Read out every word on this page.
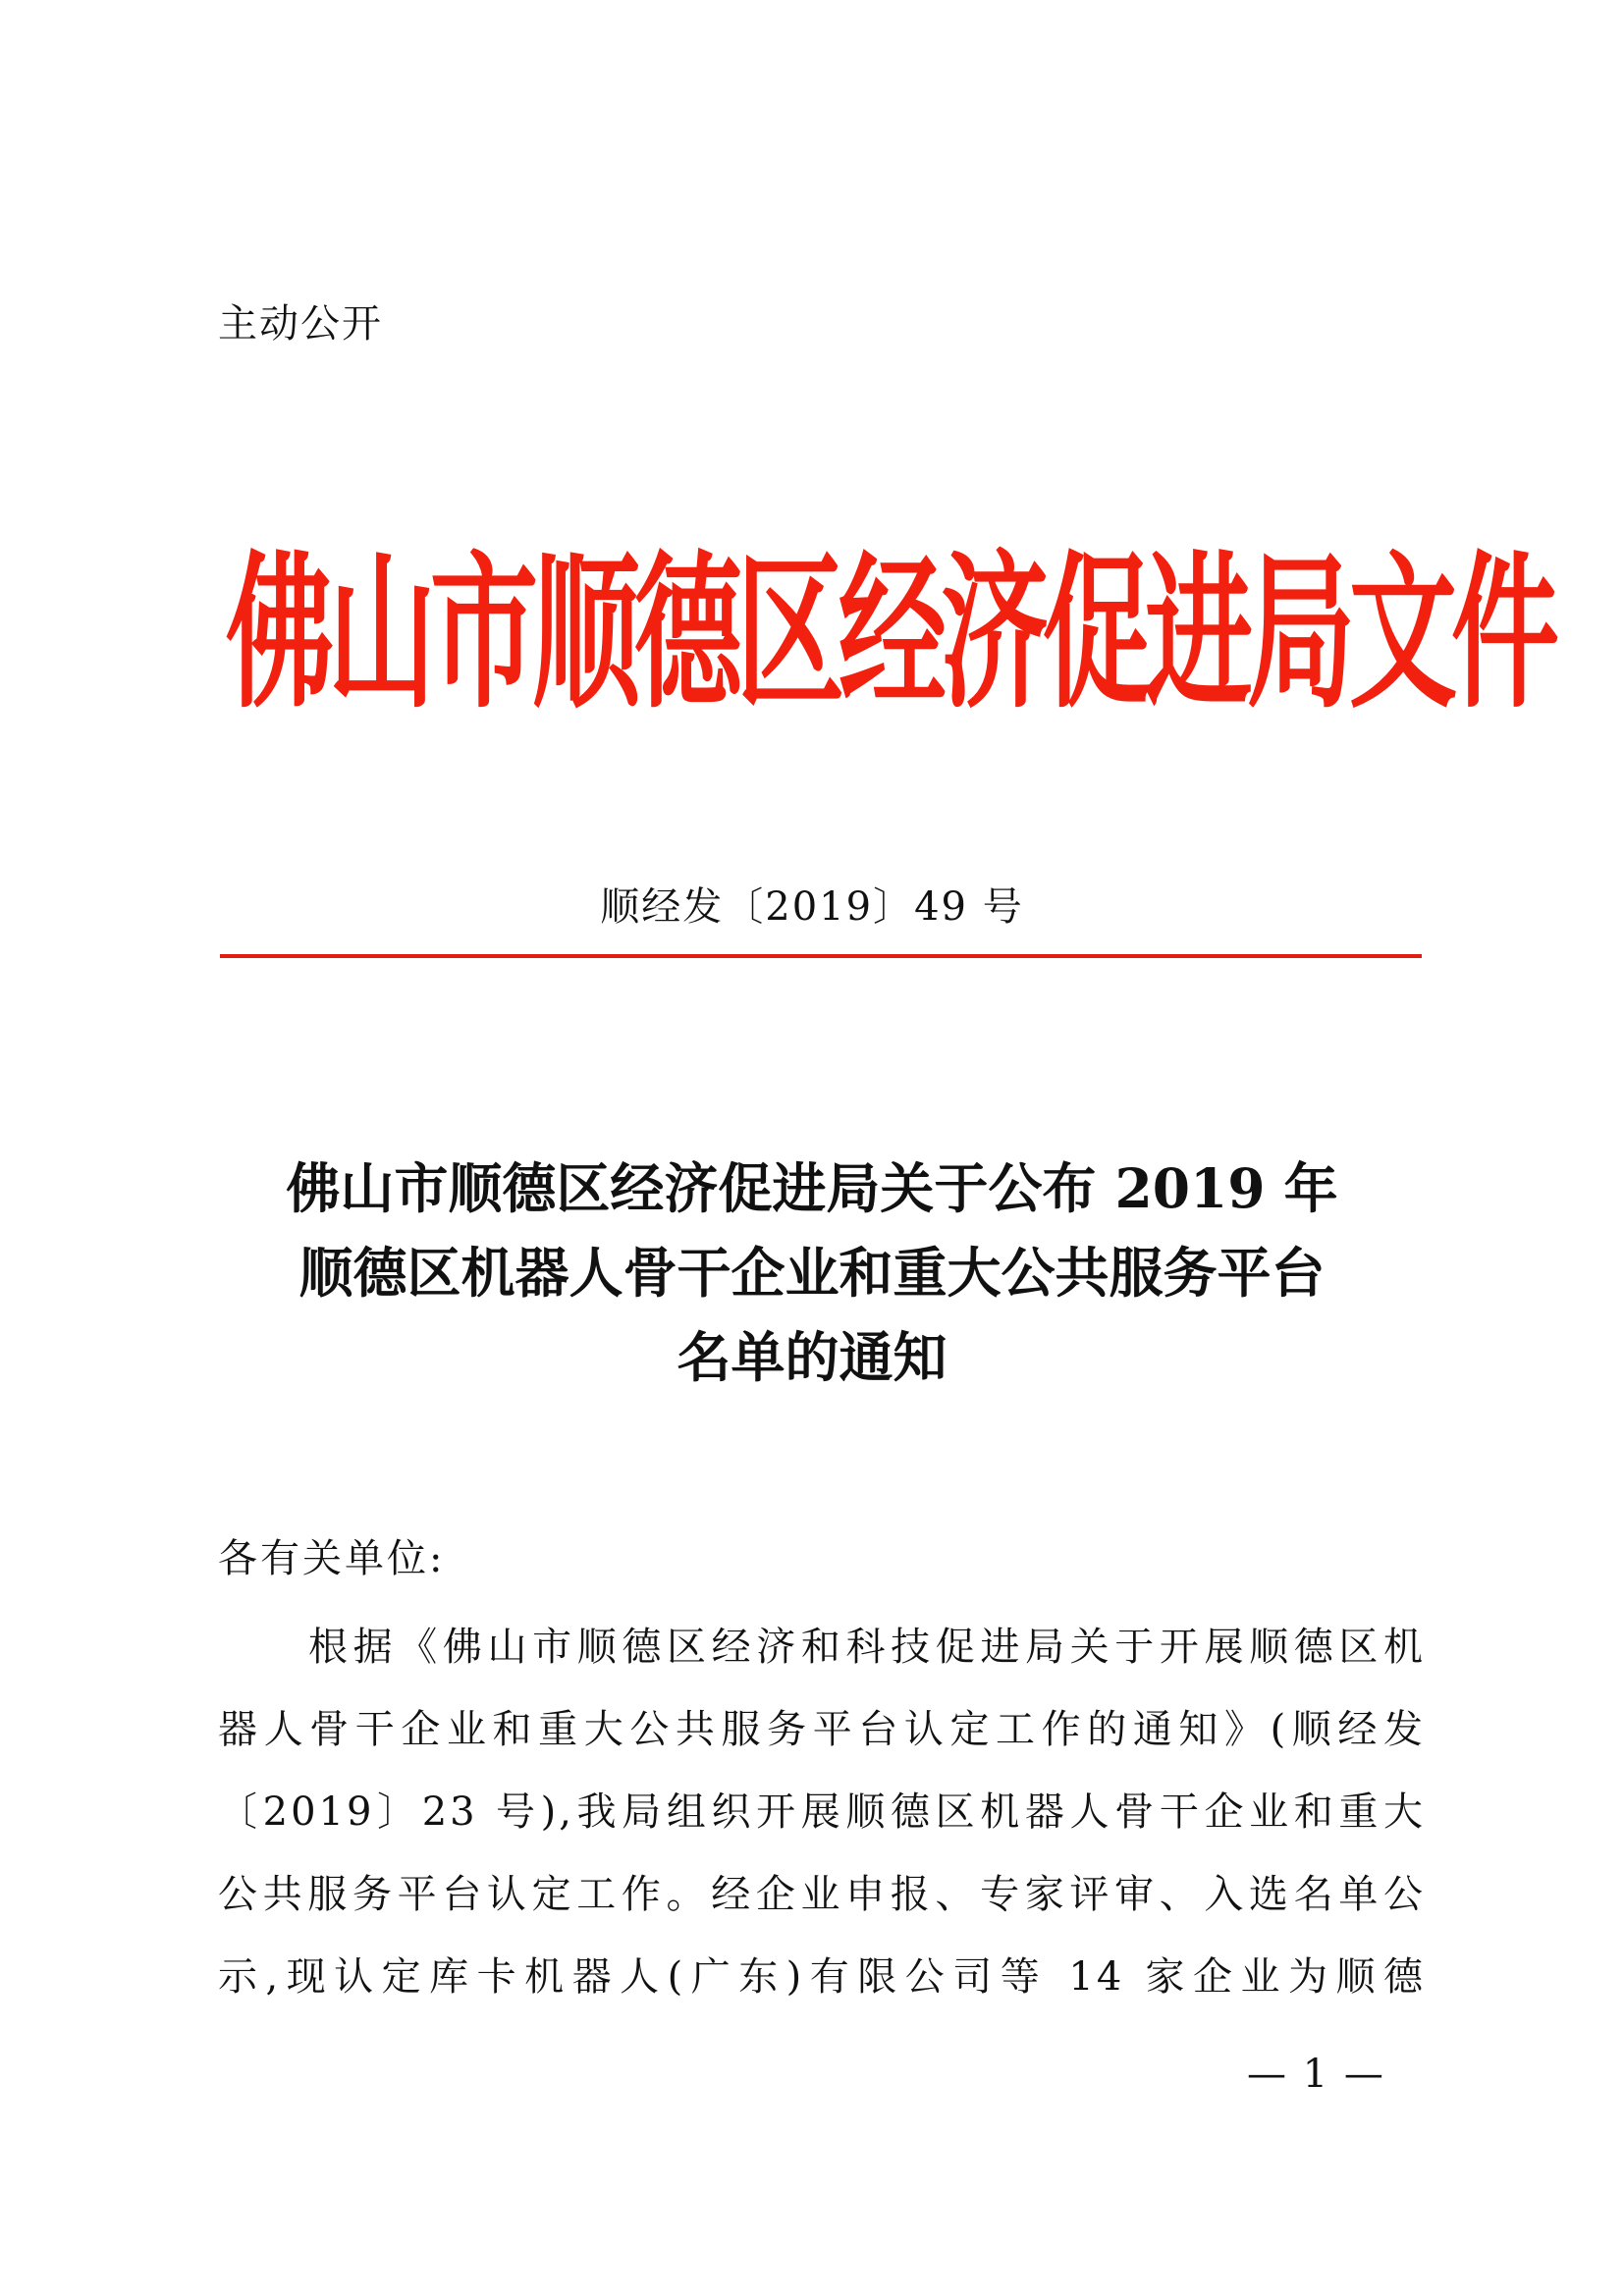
主动公开
佛山市顺德区经济促进局文件
顺经发〔2019〕49 号
佛山市顺德区经济促进局关于公布 2019 年
顺德区机器人骨干企业和重大公共服务平台
名单的通知
各有关单位:
根据《佛山市顺德区经济和科技促进局关于开展顺德区机
器人骨干企业和重大公共服务平台认定工作的通知》(顺经发
〔2019〕23 号),我局组织开展顺德区机器人骨干企业和重大
公共服务平台认定工作。经企业申报、专家评审、入选名单公
示,现认定库卡机器人(广东)有限公司等 14 家企业为顺德
— 1 —
